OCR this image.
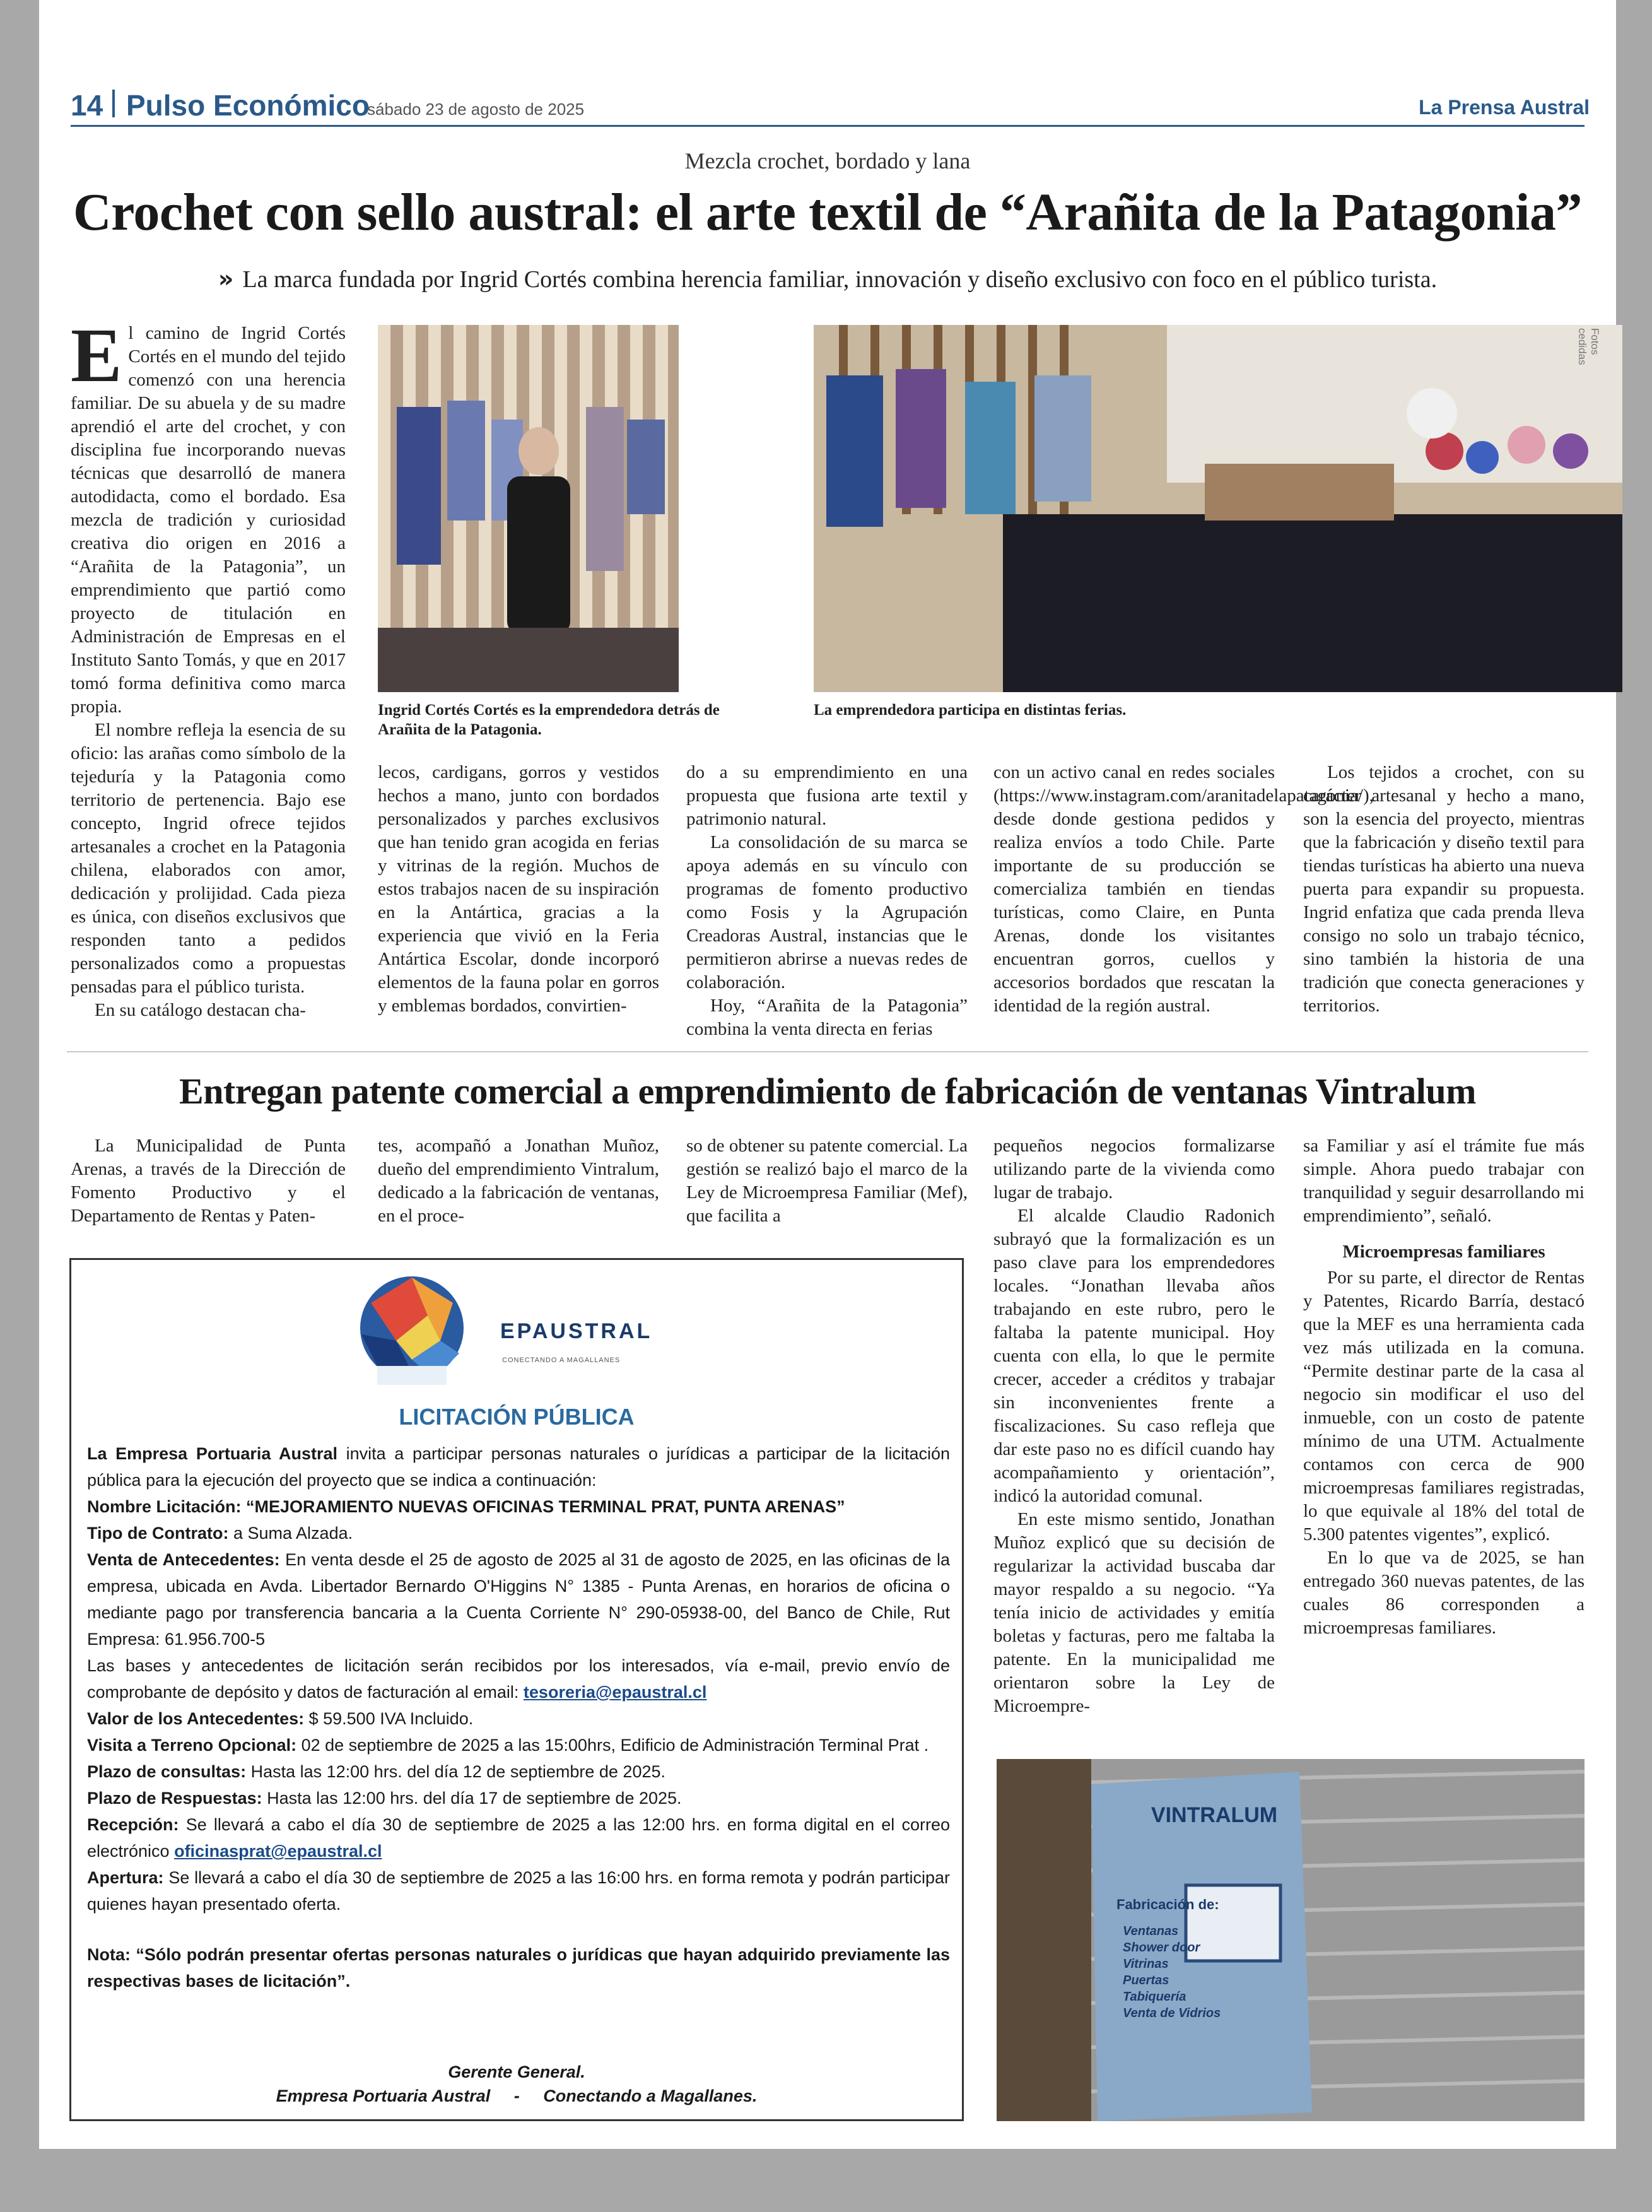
14 Pulso Económico
sábado 23 de agosto de 2025	La Prensa Austral
Mezcla crochet, bordado y lana
Crochet con sello austral: el arte textil de “Arañita de la Patagonia”
» La marca fundada por Ingrid Cortés combina herencia familiar, innovación y diseño exclusivo con foco en el público turista.

El camino de Ingrid Cortés Cortés en el mundo del tejido comenzó con una herencia familiar. De su abuela y de su madre aprendió el arte del crochet, y con disciplina fue incorporando nuevas técnicas que desarrolló de manera autodidacta, como el bordado. Esa mezcla de tradición y curiosidad creativa dio origen en 2016 a “Arañita de la Patagonia”, un emprendimiento que partió como proyecto de titulación en Administración de Empresas en el Instituto Santo Tomás, y que en 2017 tomó forma definitiva como marca propia.

El nombre refleja la esencia de su oficio: las arañas como símbolo de la tejeduría y la Patagonia como territorio de pertenencia. Bajo ese concepto, Ingrid ofrece tejidos artesanales a crochet en la Patagonia chilena, elaborados con amor, dedicación y prolijidad. Cada pieza es única, con diseños exclusivos que responden tanto a pedidos personalizados como a propuestas pensadas para el público turista.

En su catálogo destacan cha-

Fotos cedidas
Ingrid Cortés Cortés es la emprendedora detrás de Arañita de la Patagonia.
La emprendedora participa en distintas ferias.

lecos, cardigans, gorros y vestidos hechos a mano, junto con bordados personalizados y parches exclusivos que han tenido gran acogida en ferias y vitrinas de la región. Muchos de estos trabajos nacen de su inspiración en la Antártica, gracias a la experiencia que vivió en la Feria Antártica Escolar, donde incorporó elementos de la fauna polar en gorros y emblemas bordados, convirtien-

do a su emprendimiento en una propuesta que fusiona arte textil y patrimonio natural.

La consolidación de su marca se apoya además en su vínculo con programas de fomento productivo como Fosis y la Agrupación Creadoras Austral, instancias que le permitieron abrirse a nuevas redes de colaboración.

Hoy, “Arañita de la Patagonia” combina la venta directa en ferias

con un activo canal en redes sociales (https://www.instagram.com/aranitadelapatagonia/), desde donde gestiona pedidos y realiza envíos a todo Chile. Parte importante de su producción se comercializa también en tiendas turísticas, como Claire, en Punta Arenas, donde los visitantes encuentran gorros, cuellos y accesorios bordados que rescatan la identidad de la región austral.

Los tejidos a crochet, con su carácter artesanal y hecho a mano, son la esencia del proyecto, mientras que la fabricación y diseño textil para tiendas turísticas ha abierto una nueva puerta para expandir su propuesta. Ingrid enfatiza que cada prenda lleva consigo no solo un trabajo técnico, sino también la historia de una tradición que conecta generaciones y territorios.

Entregan patente comercial a emprendimiento de fabricación de ventanas Vintralum

La Municipalidad de Punta Arenas, a través de la Dirección de Fomento Productivo y el Departamento de Rentas y Paten-

tes, acompañó a Jonathan Muñoz, dueño del emprendimiento Vintralum, dedicado a la fabricación de ventanas, en el proce-

so de obtener su patente comercial. La gestión se realizó bajo el marco de la Ley de Microempresa Familiar (Mef), que facilita a

pequeños negocios formalizarse utilizando parte de la vivienda como lugar de trabajo.

El alcalde Claudio Radonich subrayó que la formalización es un paso clave para los emprendedores locales. “Jonathan llevaba años trabajando en este rubro, pero le faltaba la patente municipal. Hoy cuenta con ella, lo que le permite crecer, acceder a créditos y trabajar sin inconvenientes frente a fiscalizaciones. Su caso refleja que dar este paso no es difícil cuando hay acompañamiento y orientación”, indicó la autoridad comunal.

En este mismo sentido, Jonathan Muñoz explicó que su decisión de regularizar la actividad buscaba dar mayor respaldo a su negocio. “Ya tenía inicio de actividades y emitía boletas y facturas, pero me faltaba la patente. En la municipalidad me orientaron sobre la Ley de Microempre-

sa Familiar y así el trámite fue más simple. Ahora puedo trabajar con tranquilidad y seguir desarrollando mi emprendimiento”, señaló.

Microempresas familiares

Por su parte, el director de Rentas y Patentes, Ricardo Barría, destacó que la MEF es una herramienta cada vez más utilizada en la comuna. “Permite destinar parte de la casa al negocio sin modificar el uso del inmueble, con un costo de patente mínimo de una UTM. Actualmente contamos con cerca de 900 microempresas familiares registradas, lo que equivale al 18% del total de 5.300 patentes vigentes”, explicó.

En lo que va de 2025, se han entregado 360 nuevas patentes, de las cuales 86 corresponden a microempresas familiares.

VINTRALUM
Fabricación de:
Ventanas
Shower door
Vitrinas
Puertas
Tabiquería
Venta de Vidrios
EPAUSTRAL
CONECTANDO A MAGALLANES
LICITACIÓN PÚBLICA

La Empresa Portuaria Austral invita a participar personas naturales o jurídicas a participar de la licitación pública para la ejecución del proyecto que se indica a continuación:

Nombre Licitación: “MEJORAMIENTO NUEVAS OFICINAS TERMINAL PRAT, PUNTA ARENAS”

Tipo de Contrato: a Suma Alzada.

Venta de Antecedentes: En venta desde el 25 de agosto de 2025 al 31 de agosto de 2025, en las oficinas de la empresa, ubicada en Avda. Libertador Bernardo O'Higgins N° 1385 - Punta Arenas, en horarios de oficina o mediante pago por transferencia bancaria a la Cuenta Corriente N° 290-05938-00, del Banco de Chile, Rut Empresa: 61.956.700-5

Las bases y antecedentes de licitación serán recibidos por los interesados, vía e-mail, previo envío de comprobante de depósito y datos de facturación al email: tesoreria@epaustral.cl

Valor de los Antecedentes: $ 59.500 IVA Incluido.

Visita a Terreno Opcional: 02 de septiembre de 2025 a las 15:00hrs, Edificio de Administración Terminal Prat .

Plazo de consultas: Hasta las 12:00 hrs. del día 12 de septiembre de 2025.

Plazo de Respuestas: Hasta las 12:00 hrs. del día 17 de septiembre de 2025.

Recepción: Se llevará a cabo el día 30 de septiembre de 2025 a las 12:00 hrs. en forma digital en el correo electrónico oficinasprat@epaustral.cl

Apertura: Se llevará a cabo el día 30 de septiembre de 2025 a las 16:00 hrs. en forma remota y podrán participar quienes hayan presentado oferta.

Nota: “Sólo podrán presentar ofertas personas naturales o jurídicas que hayan adquirido previamente las respectivas bases de licitación”.

Gerente General.
Empresa Portuaria Austral     -     Conectando a Magallanes.
